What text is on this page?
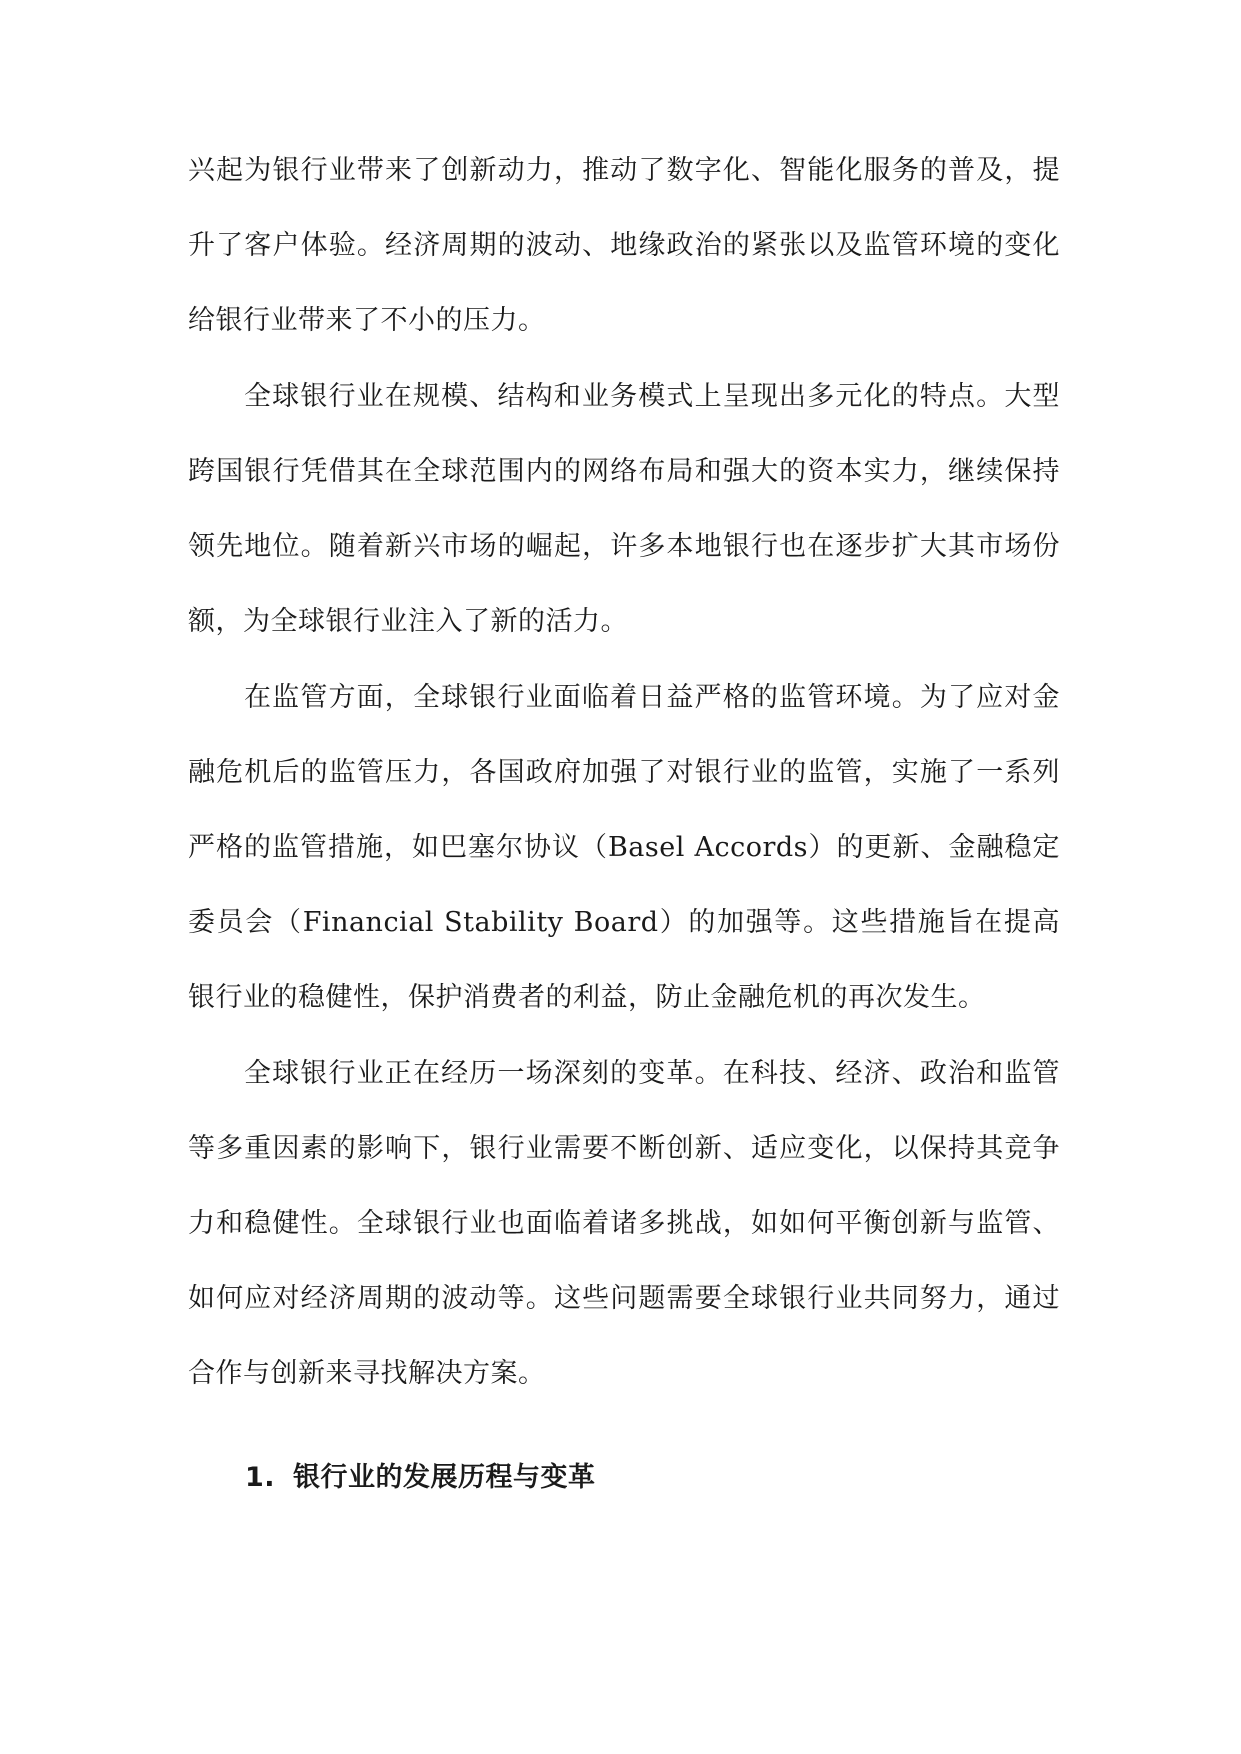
兴起为银行业带来了创新动力，推动了数字化、智能化服务的普及，提升了客户体验。经济周期的波动、地缘政治的紧张以及监管环境的变化给银行业带来了不小的压力。

全球银行业在规模、结构和业务模式上呈现出多元化的特点。大型跨国银行凭借其在全球范围内的网络布局和强大的资本实力，继续保持领先地位。随着新兴市场的崛起，许多本地银行也在逐步扩大其市场份额，为全球银行业注入了新的活力。

在监管方面，全球银行业面临着日益严格的监管环境。为了应对金融危机后的监管压力，各国政府加强了对银行业的监管，实施了一系列严格的监管措施，如巴塞尔协议（Basel Accords）的更新、金融稳定委员会（Financial Stability Board）的加强等。这些措施旨在提高银行业的稳健性，保护消费者的利益，防止金融危机的再次发生。

全球银行业正在经历一场深刻的变革。在科技、经济、政治和监管等多重因素的影响下，银行业需要不断创新、适应变化，以保持其竞争力和稳健性。全球银行业也面临着诸多挑战，如如何平衡创新与监管、如何应对经济周期的波动等。这些问题需要全球银行业共同努力，通过合作与创新来寻找解决方案。

1. 银行业的发展历程与变革
